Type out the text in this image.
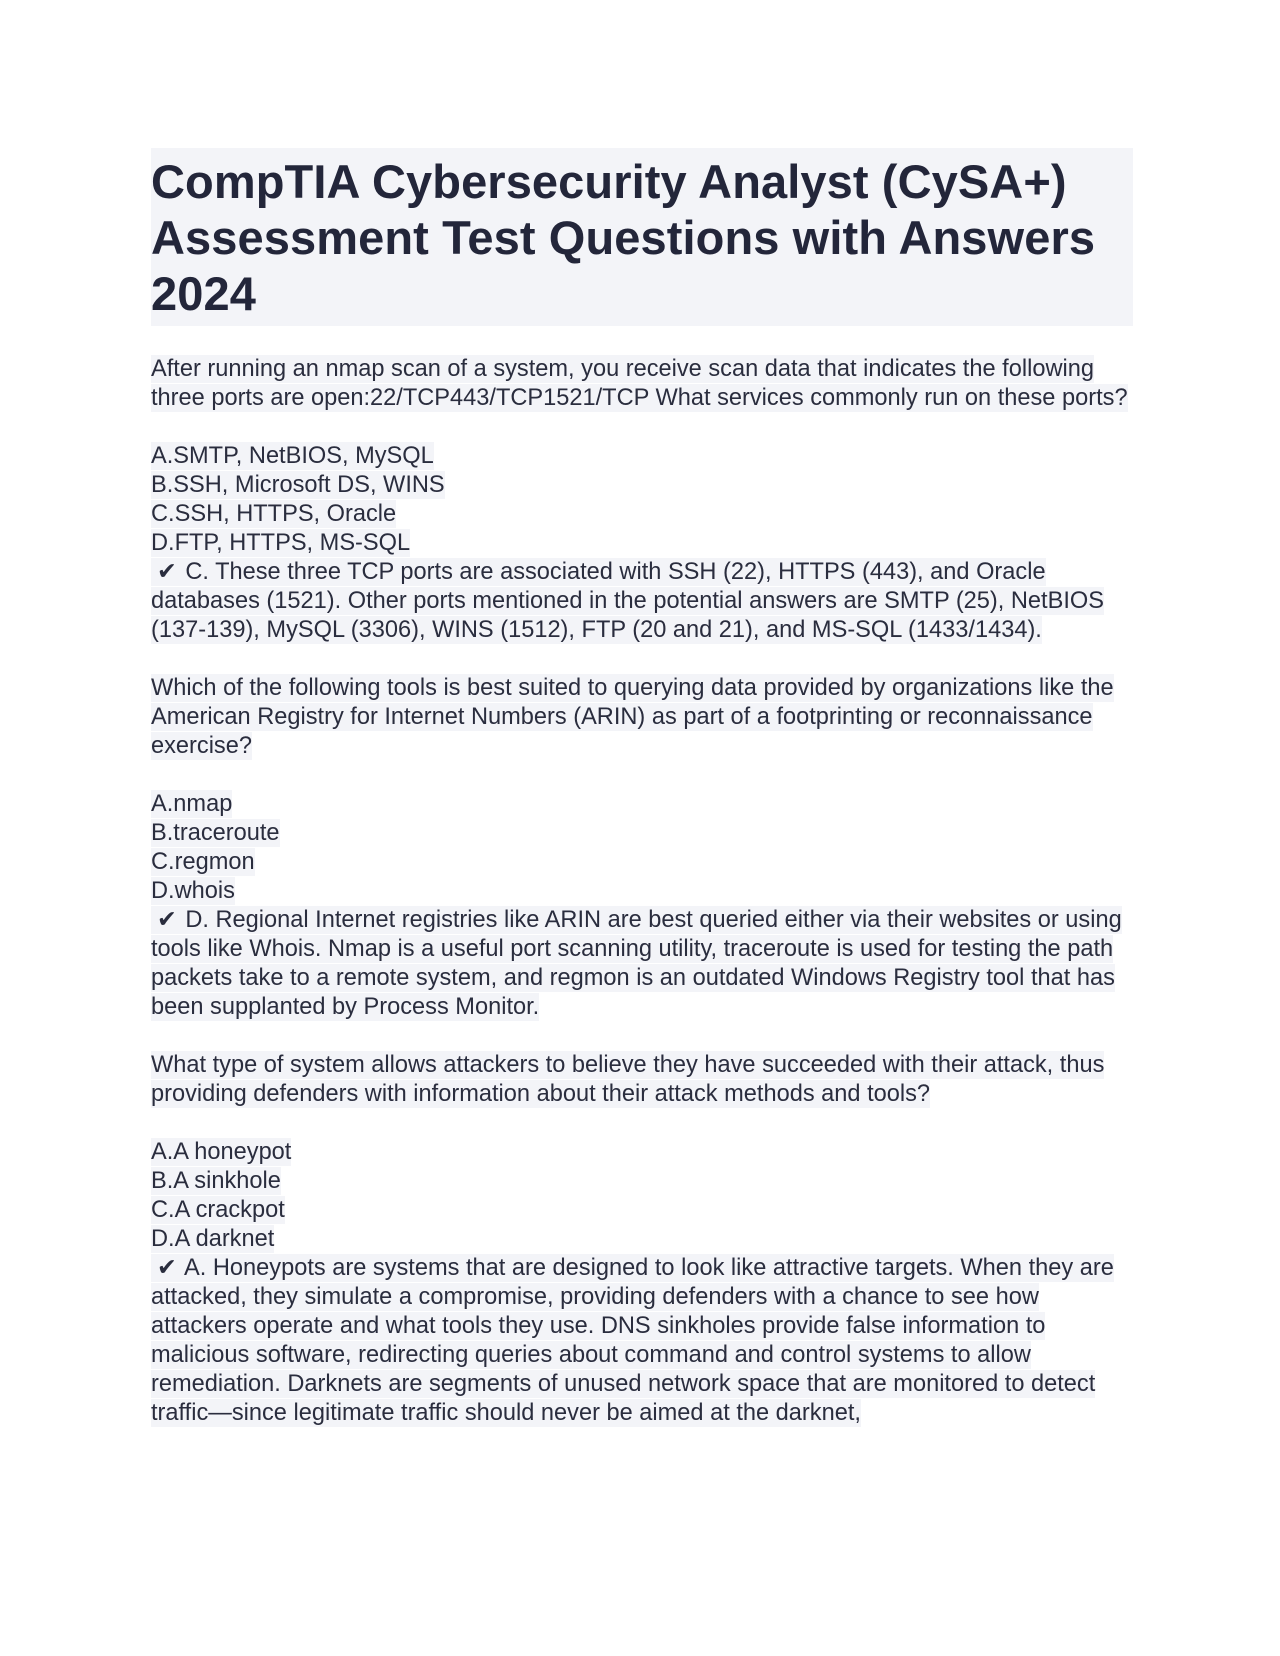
CompTIA Cybersecurity Analyst (CySA+) Assessment Test Questions with Answers 2024

After running an nmap scan of a system, you receive scan data that indicates the following three ports are open:22/TCP443/TCP1521/TCP What services commonly run on these ports?

A.SMTP, NetBIOS, MySQL
B.SSH, Microsoft DS, WINS
C.SSH, HTTPS, Oracle
D.FTP, HTTPS, MS-SQL

✔ C. These three TCP ports are associated with SSH (22), HTTPS (443), and Oracle databases (1521). Other ports mentioned in the potential answers are SMTP (25), NetBIOS (137-139), MySQL (3306), WINS (1512), FTP (20 and 21), and MS-SQL (1433/1434).

Which of the following tools is best suited to querying data provided by organizations like the American Registry for Internet Numbers (ARIN) as part of a footprinting or reconnaissance exercise?

A.nmap
B.traceroute
C.regmon
D.whois

✔ D. Regional Internet registries like ARIN are best queried either via their websites or using tools like Whois. Nmap is a useful port scanning utility, traceroute is used for testing the path packets take to a remote system, and regmon is an outdated Windows Registry tool that has been supplanted by Process Monitor.

What type of system allows attackers to believe they have succeeded with their attack, thus providing defenders with information about their attack methods and tools?

A.A honeypot
B.A sinkhole
C.A crackpot
D.A darknet

✔ A. Honeypots are systems that are designed to look like attractive targets. When they are attacked, they simulate a compromise, providing defenders with a chance to see how attackers operate and what tools they use. DNS sinkholes provide false information to malicious software, redirecting queries about command and control systems to allow remediation. Darknets are segments of unused network space that are monitored to detect traffic—since legitimate traffic should never be aimed at the darknet,
